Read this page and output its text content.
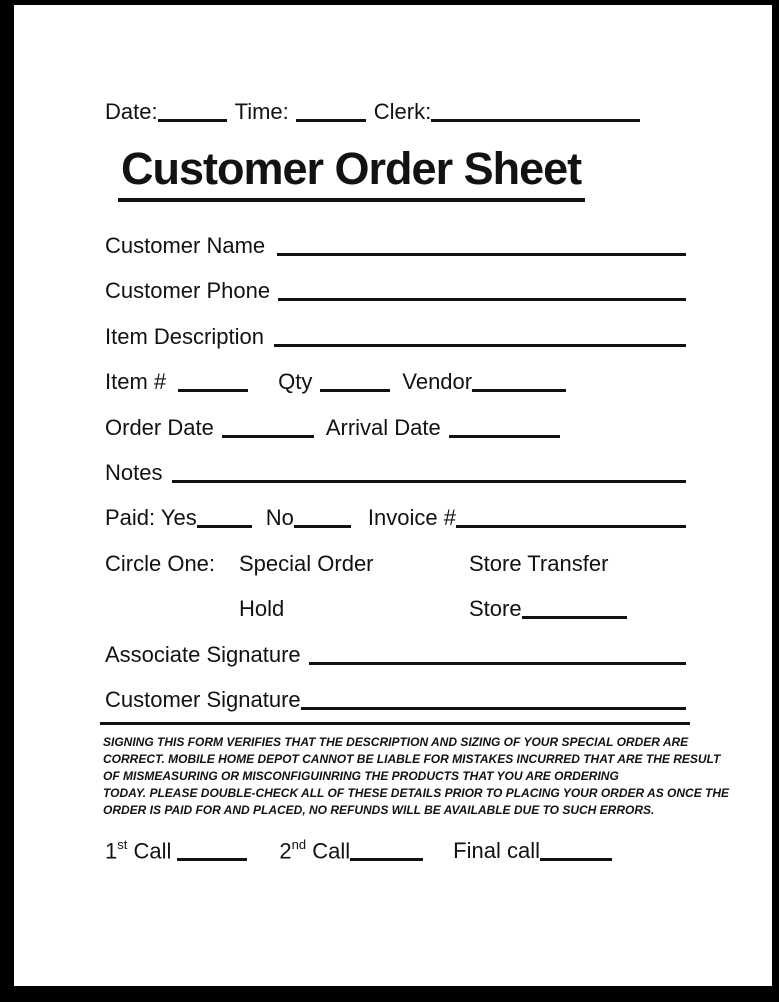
Date:	Time:	Clerk:
Customer Order Sheet
Customer Name
Customer Phone
Item Description
Item #	Qty	Vendor
Order Date	Arrival Date
Notes
Paid: Yes	No	Invoice #
Circle One: Special Order	Store Transfer
Hold	Store
Associate Signature
Customer Signature
SIGNING THIS FORM VERIFIES THAT THE DESCRIPTION AND SIZING OF YOUR SPECIAL ORDER ARE
CORRECT. MOBILE HOME DEPOT CANNOT BE LIABLE FOR MISTAKES INCURRED THAT ARE THE RESULT
OF MISMEASURING OR MISCONFIGUINRING THE PRODUCTS THAT YOU ARE ORDERING
TODAY. PLEASE DOUBLE-CHECK ALL OF THESE DETAILS PRIOR TO PLACING YOUR ORDER AS ONCE THE
ORDER IS PAID FOR AND PLACED, NO REFUNDS WILL BE AVAILABLE DUE TO SUCH ERRORS.
1st Call	2nd Call	Final call
